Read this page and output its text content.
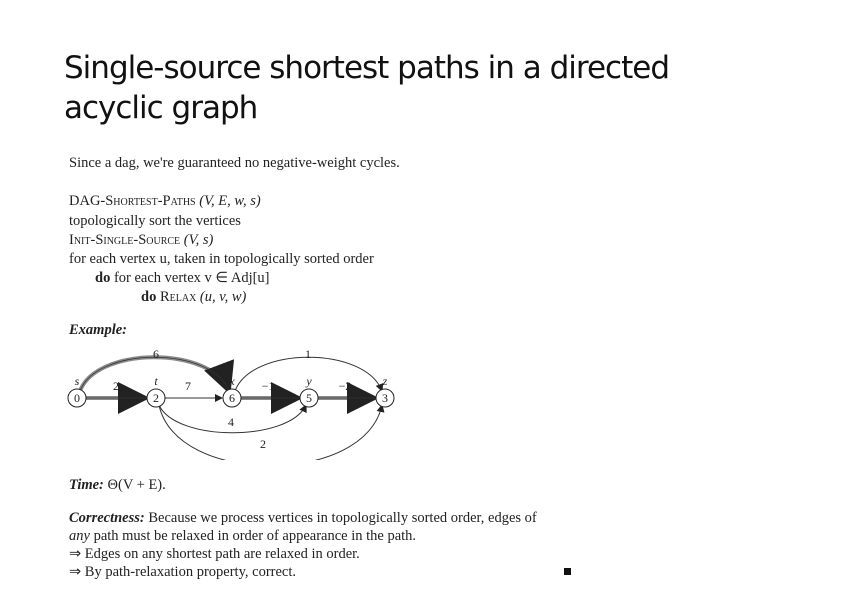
Single-source shortest paths in a directed
acyclic graph
Since a dag, we're guaranteed no negative-weight cycles.
DAG-Shortest-Paths (V, E, w, s)
topologically sort the vertices
Init-Single-Source (V, s)
for each vertex u, taken in topologically sorted order
do for each vertex v ∈ Adj[u]
do Relax (u, v, w)
Example:
Time: Θ(V + E).
Correctness: Because we process vertices in topologically sorted order, edges of
any path must be relaxed in order of appearance in the path.
⇒ Edges on any shortest path are relaxed in order.
⇒ By path-relaxation property, correct.
2	7	−1	−2
6	1
4
2
0
s
2
t
6
x
5
y
3
z
